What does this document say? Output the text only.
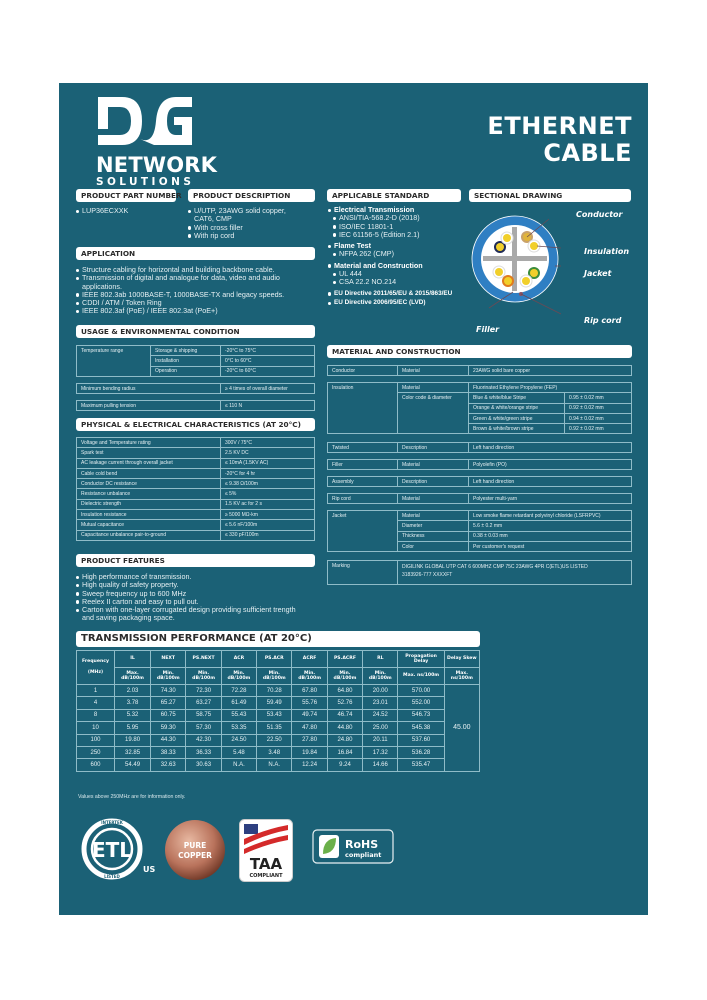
NETWORK
SOLUTIONS
ETHERNET
CABLE
PRODUCT PART NUMBER
LUP36ECXXK
PRODUCT DESCRIPTION
U/UTP, 23AWG solid copper, CAT6, CMP
With cross filler
With rip cord
APPLICATION
Structure cabling for horizontal and building backbone cable.
Transmission of digital and analogue for data, video and audio applications.
IEEE 802.3ab 1000BASE-T, 1000BASE-TX and legacy speeds.
CDDI / ATM / Token Ring
IEEE 802.3af (PoE) / IEEE 802.3at (PoE+)
USAGE & ENVIRONMENTAL CONDITION
Temperature range	Storage & shipping	-20°C to 75°C
	Installation	0°C to 60°C
	Operation	-20°C to 60°C
Minimum bending radius	≥ 4 times of overall diameter
Maximum pulling tension	≤ 110 N
PHYSICAL & ELECTRICAL CHARACTERISTICS (AT 20°C)
Voltage and Temperature rating	300V / 75°C
Spark test	2.5 KV DC
AC leakage current through overall jacket	≤ 10mA (1.5KV AC)
Cable cold bend	-20°C for 4 hr
Conductor DC resistance	≤ 9.38 Ω/100m
Resistance unbalance	≤ 5%
Dielectric strength	1.5 KV ac for 2 s
Insulation resistance	≥ 5000 MΩ-km
Mutual capacitance	≤ 5.6 nF/100m
Capacitance unbalance pair-to-ground	≤ 330 pF/100m
PRODUCT FEATURES
High performance of transmission.
High quality of safety property.
Sweep frequency up to 600 MHz
Reelex II carton and easy to pull out.
Carton with one-layer corrugated design providing sufficient trength and saving packaging space.
APPLICABLE STANDARD
Electrical Transmission
ANSI/TIA-568.2-D (2018)
ISO/IEC 11801-1
IEC 61156-5 (Edition 2.1)
Flame Test
NFPA 262 (CMP)
Material and Construction
UL 444
CSA 22.2 NO.214
EU Directive 2011/65/EU & 2015/863/EU
EU Directive 2006/95/EC (LVD)
SECTIONAL DRAWING
Conductor
Insulation
Jacket
Rip cord
Filler
MATERIAL AND CONSTRUCTION
Conductor	Material	23AWG solid bare copper
Insulation	Material	Fluorinated Ethylene Propylene (FEP)	
	Color code & diameter	Blue & white/blue Stripe	0.95 ± 0.02 mm
		Orange & white/orange stripe	0.92 ± 0.02 mm
		Green & white/green stripe	0.94 ± 0.02 mm
		Brown & white/brown stripe	0.92 ± 0.02 mm
Twisted	Description	Left hand direction
Filler	Material	Polyolefin (PO)
Assembly	Description	Left hand direction
Rip cord	Material	Polyester multi-yarn
Jacket	Material	Low smoke flame retardant polyvinyl chloride (LSFRPVC)
	Diameter	5.6 ± 0.2 mm
	Thickness	0.38 ± 0.03 mm
	Color	Per customer's request
Marking	DIGILINK GLOBAL UTP CAT 6 600MHZ CMP 75C 23AWG 4PR C(ETL)US LISTED
3183926-777 XXXXFT
TRANSMISSION PERFORMANCE (AT 20°C)
Frequency

(MHz)	IL	NEXT	PS.NEXT	ACR	PS.ACR	ACRF	PS.ACRF	RL	Propagation Delay	Delay Skew
	Max. dB/100m	Min. dB/100m	Min. dB/100m	Min. dB/100m	Min. dB/100m	Min. dB/100m	Min. dB/100m	Min. dB/100m	Max. ns/100m	Max. ns/100m
1	2.03	74.30	72.30	72.28	70.28	67.80	64.80	20.00	570.00	45.00
4	3.78	65.27	63.27	61.49	59.49	55.76	52.76	23.01	552.00	
8	5.32	60.75	58.75	55.43	53.43	49.74	46.74	24.52	546.73	
10	5.95	59.30	57.30	53.35	51.35	47.80	44.80	25.00	545.38	
100	19.80	44.30	42.30	24.50	22.50	27.80	24.80	20.11	537.60	
250	32.85	38.33	36.33	5.48	3.48	19.84	16.84	17.32	536.28	
600	54.49	32.63	30.63	N.A.	N.A.	12.24	9.24	14.66	535.47	
Values above 250MHz are for information only.
ETL
INTERTEK
LISTED
US
PURE
COPPER	TAA
COMPLIANT
RoHS
compliant
